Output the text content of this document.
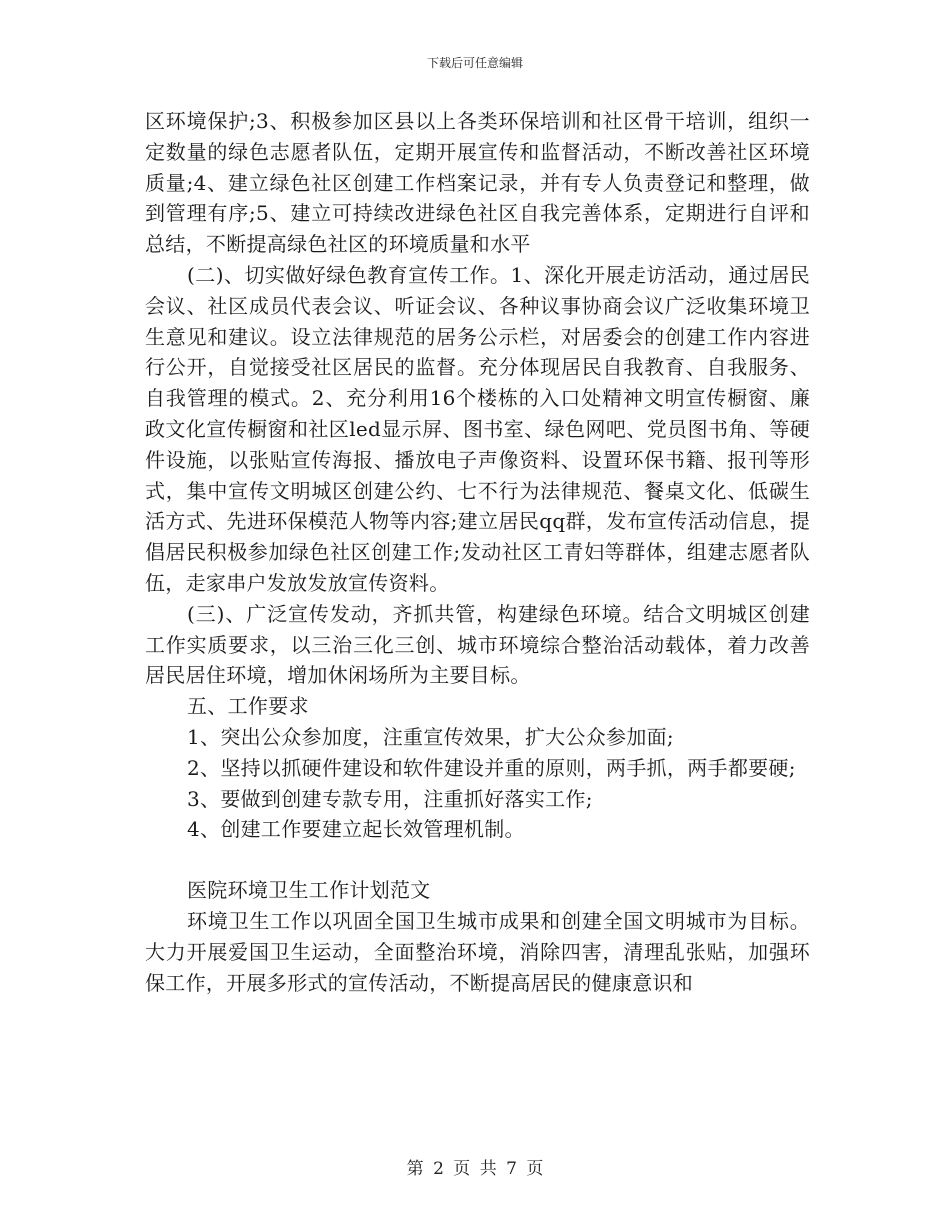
下载后可任意编辑

区环境保护;3、积极参加区县以上各类环保培训和社区骨干培训，组织一定数量的绿色志愿者队伍，定期开展宣传和监督活动，不断改善社区环境质量;4、建立绿色社区创建工作档案记录，并有专人负责登记和整理，做到管理有序;5、建立可持续改进绿色社区自我完善体系，定期进行自评和总结，不断提高绿色社区的环境质量和水平

(二)、切实做好绿色教育宣传工作。1、深化开展走访活动，通过居民会议、社区成员代表会议、听证会议、各种议事协商会议广泛收集环境卫生意见和建议。设立法律规范的居务公示栏，对居委会的创建工作内容进行公开，自觉接受社区居民的监督。充分体现居民自我教育、自我服务、自我管理的模式。2、充分利用16个楼栋的入口处精神文明宣传橱窗、廉政文化宣传橱窗和社区led显示屏、图书室、绿色网吧、党员图书角、等硬件设施，以张贴宣传海报、播放电子声像资料、设置环保书籍、报刊等形式，集中宣传文明城区创建公约、七不行为法律规范、餐桌文化、低碳生活方式、先进环保模范人物等内容;建立居民qq群，发布宣传活动信息，提倡居民积极参加绿色社区创建工作;发动社区工青妇等群体，组建志愿者队伍，走家串户发放发放宣传资料。

(三)、广泛宣传发动，齐抓共管，构建绿色环境。结合文明城区创建工作实质要求，以三治三化三创、城市环境综合整治活动载体，着力改善居民居住环境，增加休闲场所为主要目标。

五、工作要求

1、突出公众参加度，注重宣传效果，扩大公众参加面;

2、坚持以抓硬件建设和软件建设并重的原则，两手抓，两手都要硬;

3、要做到创建专款专用，注重抓好落实工作;

4、创建工作要建立起长效管理机制。

医院环境卫生工作计划范文

环境卫生工作以巩固全国卫生城市成果和创建全国文明城市为目标。大力开展爱国卫生运动，全面整治环境，消除四害，清理乱张贴，加强环保工作，开展多形式的宣传活动，不断提高居民的健康意识和

第 2 页 共 7 页
